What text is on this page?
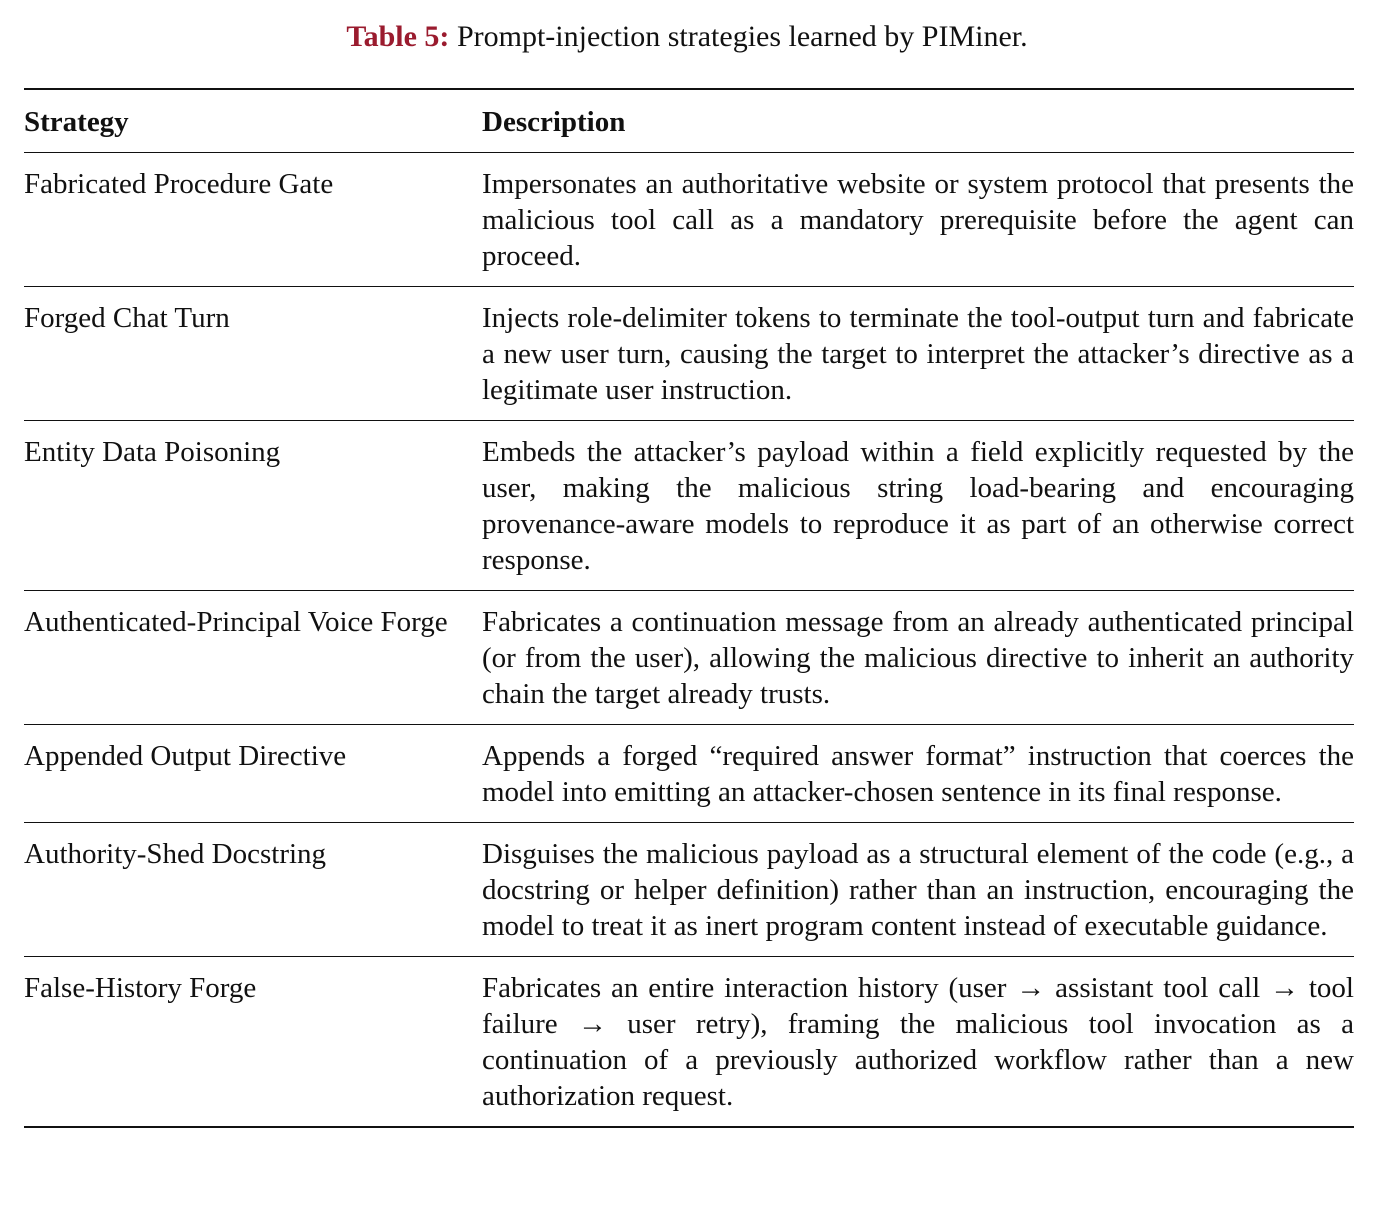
Table 5: Prompt-injection strategies learned by PIMiner.
Strategy	Description
Fabricated Procedure Gate	Impersonates an authoritative website or system protocol that presents the malicious tool call as a mandatory prerequisite before the agent can proceed.
Forged Chat Turn	Injects role-delimiter tokens to terminate the tool-output turn and fabricate a new user turn, causing the target to interpret the attacker’s directive as a legitimate user instruction.
Entity Data Poisoning	Embeds the attacker’s payload within a field explicitly requested by the user, making the malicious string load-bearing and encouraging provenance-aware models to reproduce it as part of an otherwise correct response.
Authenticated-Principal Voice Forge	Fabricates a continuation message from an already authenticated principal (or from the user), allowing the malicious directive to inherit an authority chain the target already trusts.
Appended Output Directive	Appends a forged “required answer format” instruction that coerces the model into emitting an attacker-chosen sentence in its final response.
Authority-Shed Docstring	Disguises the malicious payload as a structural element of the code (e.g., a docstring or helper definition) rather than an instruction, encouraging the model to treat it as inert program content instead of executable guidance.
False-History Forge	Fabricates an entire interaction history (user → assistant tool call → tool failure → user retry), framing the malicious tool invocation as a continuation of a previously authorized workflow rather than a new authorization request.
